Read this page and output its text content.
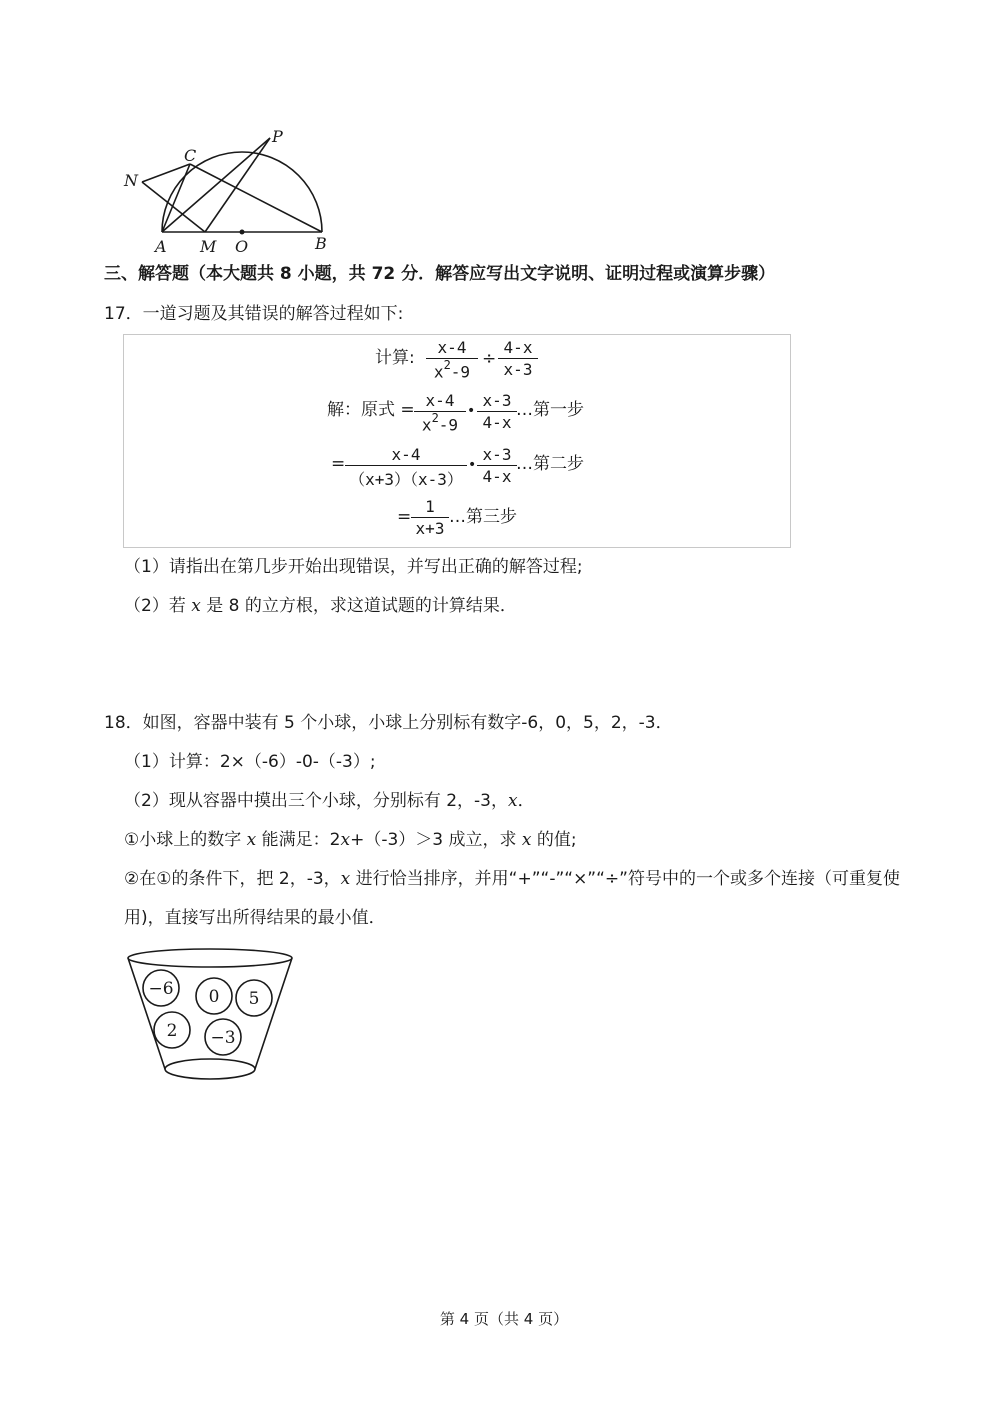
P
C
N
A M O	B
三、解答题（本大题共 8 小题，共 72 分．解答应写出文字说明、证明过程或演算步骤）
17．一道习题及其错误的解答过程如下:
计算:
x-4
$x^2-9$
÷
4-x
x-3
解：原式 = x-4
$x^2-9$
•
x-3
4-x
…第一步
=	x-4
（x+3）（x-3）
•
x-3
4-x
…第二步
=
1
x+3
…第三步
（1）请指出在第几步开始出现错误，并写出正确的解答过程;
（2）若 x 是 8 的立方根，求这道试题的计算结果．
18．如图，容器中装有 5 个小球，小球上分别标有数字-6，0，5，2，-3．
（1）计算：2×（-6）-0-（-3）;
（2）现从容器中摸出三个小球，分别标有 2，-3，x．
①小球上的数字 x 能满足：2x+（-3）＞3 成立，求 x 的值;
②在①的条件下，把 2，-3，x 进行恰当排序，并用“+”“-”“×”“÷”符号中的一个或多个连接（可重复使
用)，直接写出所得结果的最小值．
−6 0 5
2 −3
第 4 页（共 4 页）
